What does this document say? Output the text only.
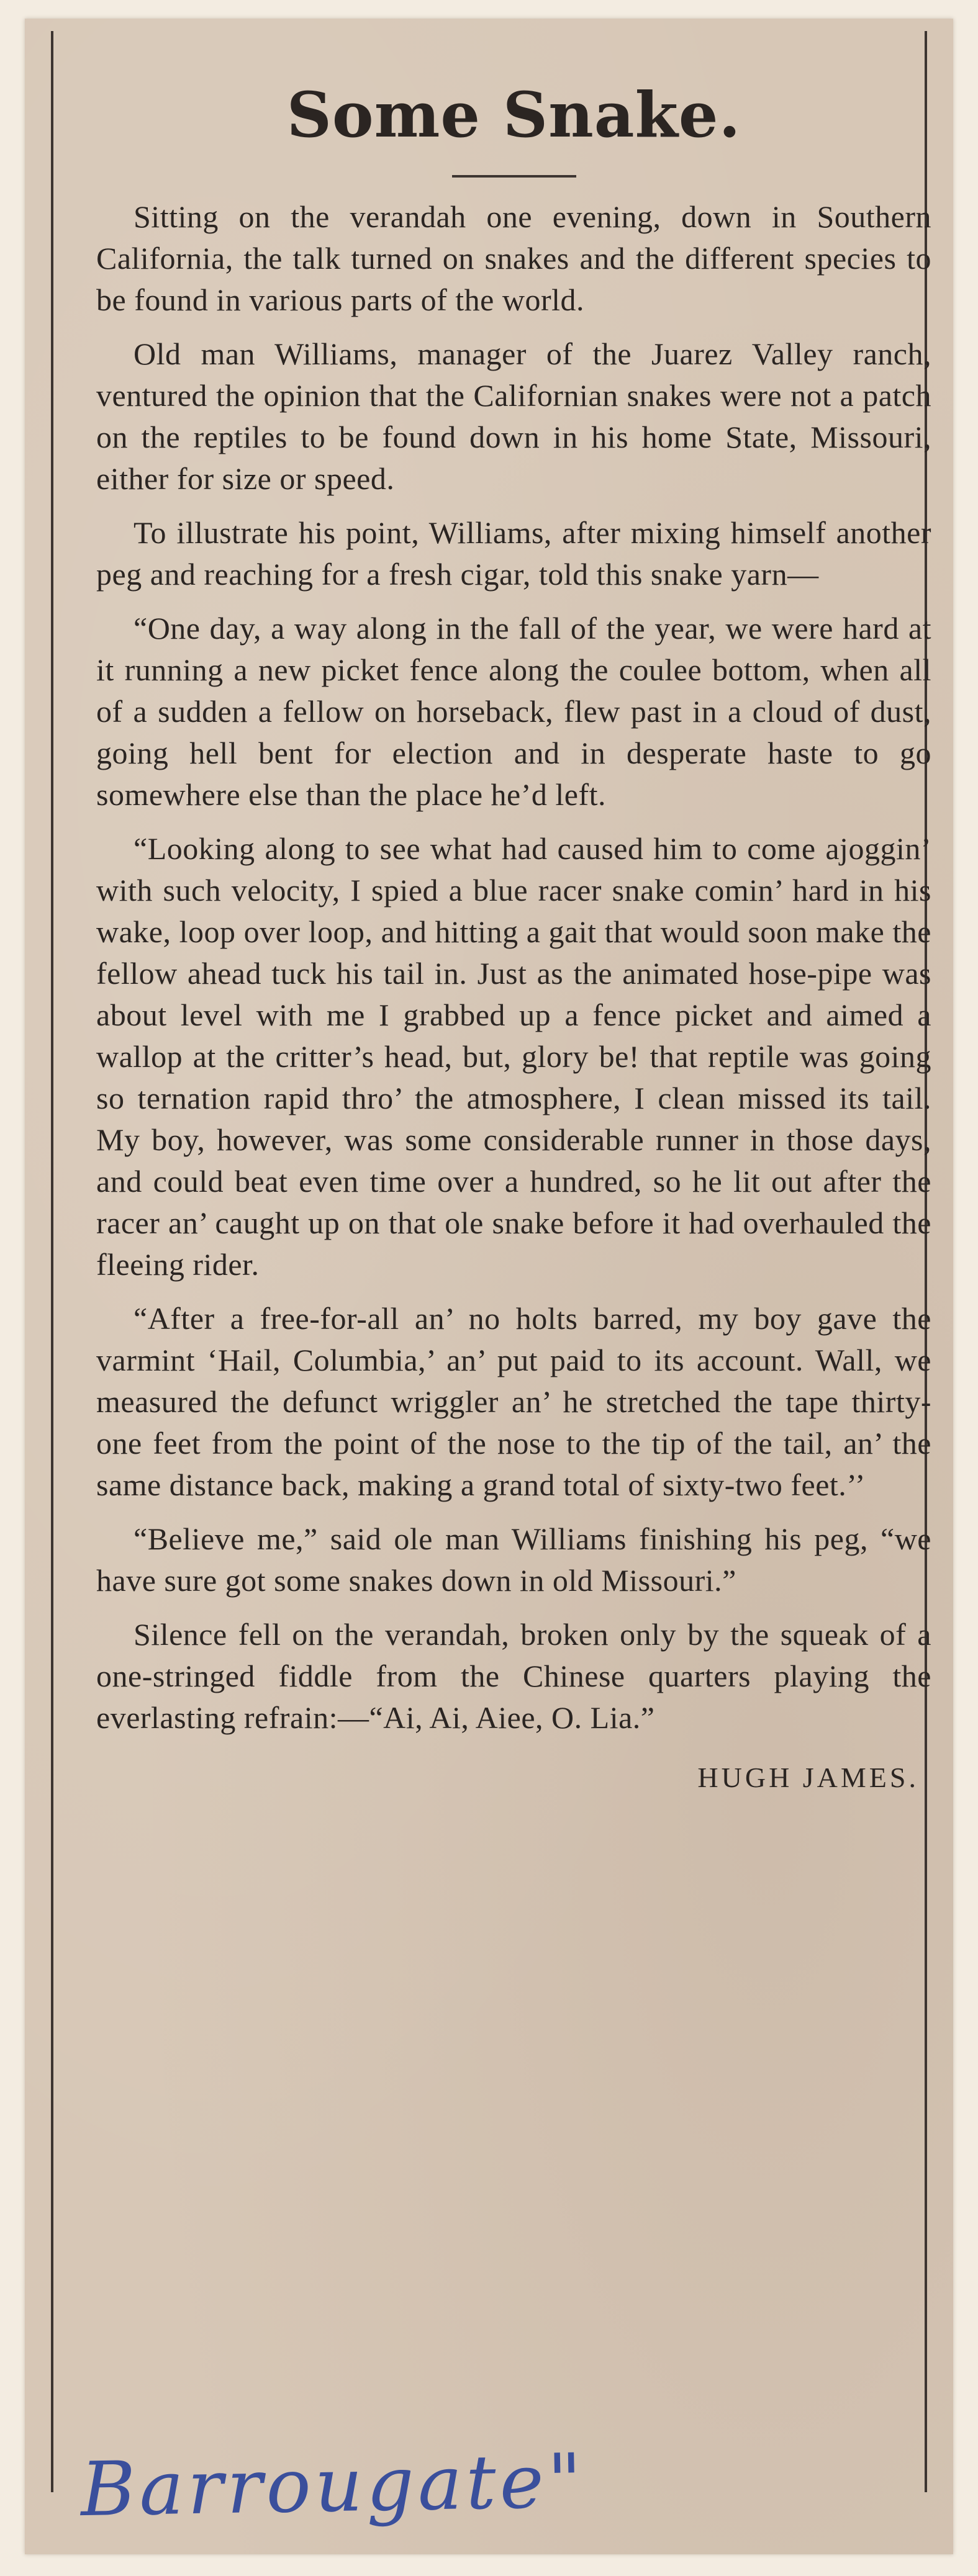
Some Snake.

Sitting on the verandah one evening, down in Southern California, the talk turned on snakes and the different species to be found in various parts of the world.

Old man Williams, manager of the Juarez Valley ranch, ventured the opinion that the Californian snakes were not a patch on the reptiles to be found down in his home State, Missouri, either for size or speed.

To illustrate his point, Williams, after mixing himself another peg and reaching for a fresh cigar, told this snake yarn—

“One day, a way along in the fall of the year, we were hard at it running a new picket fence along the coulee bottom, when all of a sudden a fellow on horseback, flew past in a cloud of dust, going hell bent for election and in desperate haste to go somewhere else than the place he’d left.

“Looking along to see what had caused him to come ajoggin’ with such velocity, I spied a blue racer snake comin’ hard in his wake, loop over loop, and hitting a gait that would soon make the fellow ahead tuck his tail in. Just as the animated hose-pipe was about level with me I grabbed up a fence picket and aimed a wallop at the critter’s head, but, glory be! that reptile was going so ternation rapid thro’ the atmosphere, I clean missed its tail. My boy, however, was some considerable runner in those days, and could beat even time over a hundred, so he lit out after the racer an’ caught up on that ole snake before it had overhauled the fleeing rider.

“After a free-for-all an’ no holts barred, my boy gave the varmint ‘Hail, Columbia,’ an’ put paid to its account. Wall, we measured the defunct wriggler an’ he stretched the tape thirty-one feet from the point of the nose to the tip of the tail, an’ the same distance back, making a grand total of sixty-two feet.’’

“Believe me,” said ole man Williams finishing his peg, “we have sure got some snakes down in old Missouri.”

Silence fell on the verandah, broken only by the squeak of a one-stringed fiddle from the Chinese quarters playing the everlasting refrain:—“Ai, Ai, Aiee, O. Lia.”

HUGH JAMES.
Barrougate"
